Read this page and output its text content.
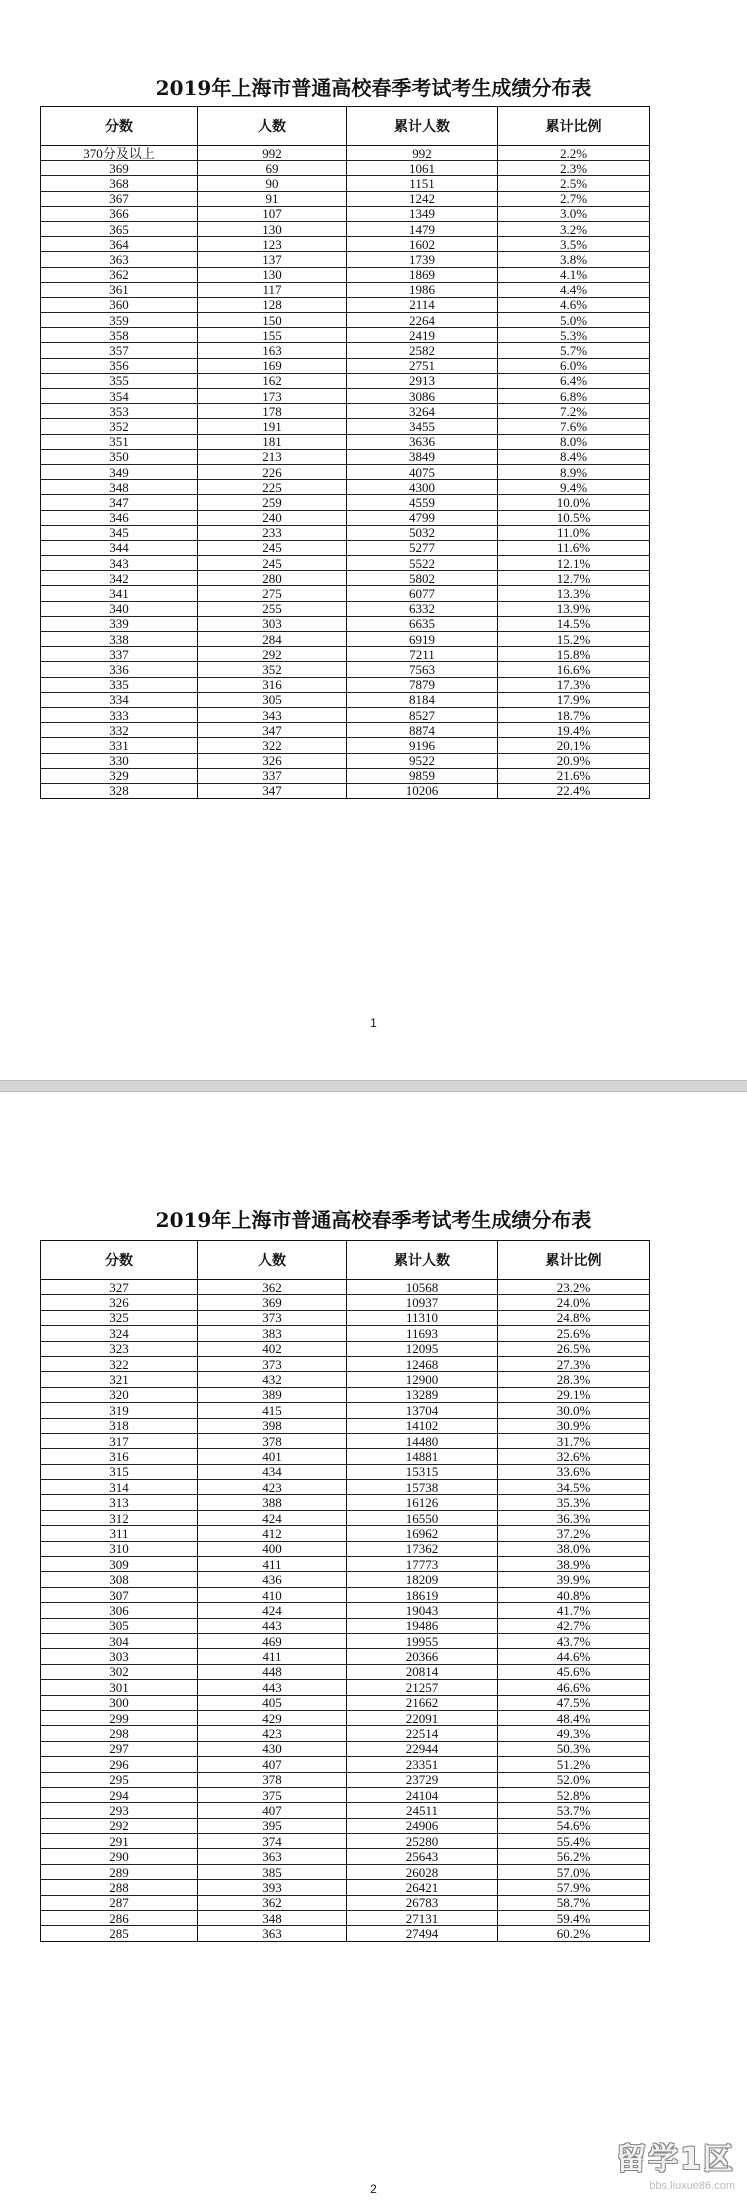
2019年上海市普通高校春季考试考生成绩分布表
分数	人数	累计人数	累计比例
370分及以上	992	992	2.2%
369	69	1061	2.3%
368	90	1151	2.5%
367	91	1242	2.7%
366	107	1349	3.0%
365	130	1479	3.2%
364	123	1602	3.5%
363	137	1739	3.8%
362	130	1869	4.1%
361	117	1986	4.4%
360	128	2114	4.6%
359	150	2264	5.0%
358	155	2419	5.3%
357	163	2582	5.7%
356	169	2751	6.0%
355	162	2913	6.4%
354	173	3086	6.8%
353	178	3264	7.2%
352	191	3455	7.6%
351	181	3636	8.0%
350	213	3849	8.4%
349	226	4075	8.9%
348	225	4300	9.4%
347	259	4559	10.0%
346	240	4799	10.5%
345	233	5032	11.0%
344	245	5277	11.6%
343	245	5522	12.1%
342	280	5802	12.7%
341	275	6077	13.3%
340	255	6332	13.9%
339	303	6635	14.5%
338	284	6919	15.2%
337	292	7211	15.8%
336	352	7563	16.6%
335	316	7879	17.3%
334	305	8184	17.9%
333	343	8527	18.7%
332	347	8874	19.4%
331	322	9196	20.1%
330	326	9522	20.9%
329	337	9859	21.6%
328	347	10206	22.4%
1
2019年上海市普通高校春季考试考生成绩分布表
分数	人数	累计人数	累计比例
327	362	10568	23.2%
326	369	10937	24.0%
325	373	11310	24.8%
324	383	11693	25.6%
323	402	12095	26.5%
322	373	12468	27.3%
321	432	12900	28.3%
320	389	13289	29.1%
319	415	13704	30.0%
318	398	14102	30.9%
317	378	14480	31.7%
316	401	14881	32.6%
315	434	15315	33.6%
314	423	15738	34.5%
313	388	16126	35.3%
312	424	16550	36.3%
311	412	16962	37.2%
310	400	17362	38.0%
309	411	17773	38.9%
308	436	18209	39.9%
307	410	18619	40.8%
306	424	19043	41.7%
305	443	19486	42.7%
304	469	19955	43.7%
303	411	20366	44.6%
302	448	20814	45.6%
301	443	21257	46.6%
300	405	21662	47.5%
299	429	22091	48.4%
298	423	22514	49.3%
297	430	22944	50.3%
296	407	23351	51.2%
295	378	23729	52.0%
294	375	24104	52.8%
293	407	24511	53.7%
292	395	24906	54.6%
291	374	25280	55.4%
290	363	25643	56.2%
289	385	26028	57.0%
288	393	26421	57.9%
287	362	26783	58.7%
286	348	27131	59.4%
285	363	27494	60.2%
2
留学1区
bbs.liuxue86.com
